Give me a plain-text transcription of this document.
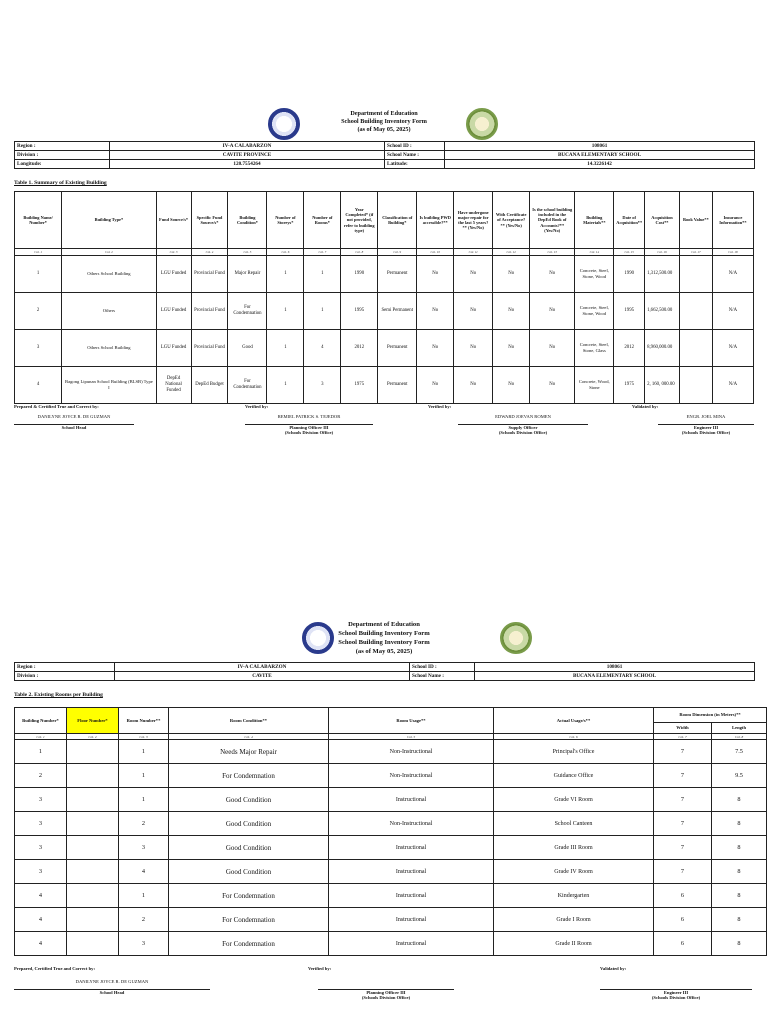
Department of Education
School Building Inventory Form
(as of May 05, 2025)
Region :	IV-A CALABARZON	School ID :	108061
Division :	CAVITE PROVINCE	School Name :	BUCANA ELEMENTARY SCHOOL
Longitude:	120.7554264	Latitude:	14.3226142
Table 1. Summary of Existing Building
Building Name/ Number*	Building Type*	Fund Source/s*	Specific Fund Source/s*	Building Condition*	Number of Storeys*	Number of Rooms*	Year Completed* (if not provided, refer to building type)	Classification of Building*	Is building PWD accessible?**	Have undergone major repair for the last 5 years?** (Yes/No)	With Certificate of Acceptance?** (Yes/No)	Is the school building included in the DepEd Book of Accounts?** (Yes/No)	Building Materials**	Date of Acquisition**	Acquisition Cost**	Book Value**	Insurance Information**
Col. 1	Col. 2	Col. 3	Col. 4	Col. 5	Col. 6	Col. 7	Col. 8	Col. 9	Col. 10	Col. 11	Col. 12	Col. 13	Col. 14	Col. 15	Col. 16	Col. 17	Col. 18
1	Others School Building	LGU Funded	Provincial Fund	Major Repair	1	1	1990	Permanent	No	No	No	No	Concrete, Steel, Stone, Wood	1990	1,312,500.00		N/A
2	Others	LGU Funded	Provincial Fund	For Condemnation	1	1	1995	Semi Permanent	No	No	No	No	Concrete, Steel, Stone, Wood	1995	1,662,500.00		N/A
3	Others School Building	LGU Funded	Provincial Fund	Good	1	4	2012	Permanent	No	No	No	No	Concrete, Steel, Stone, Glass	2012	8,960,000.00		N/A
4	Bagong Lipunan School Building (BLSB) Type I	DepEd National Funded	DepEd Budget	For Condemnation	1	3	1975	Permanent	No	No	No	No	Concrete, Wood, Stone	1975	2, 160, 000.00		N/A
Prepared & Certified True and Correct by:
DANILYNE JOYCE R. DE GUZMAN
School Head
Verified by:
REMIEL PATRICK S. TEJEDOR
Planning Officer III
(Schools Division Office)
Verified by:
EDWARD JOEVAN ROMEN
Supply Officer
(Schools Division Office)
Validated by:
ENGR. JOEL MINA
Engineer III
(Schools Division Office)
Department of Education
School Building Inventory Form
School Building Inventory Form
(as of May 05, 2025)
Region :	IV-A CALABARZON	School ID :	108061
Division :	CAVITE	School Name :	BUCANA ELEMENTARY SCHOOL
Table 2. Existing Rooms per Building
Building Number*	Floor Number*	Room Number**	Room Condition**	Room Usage**	Actual Usage/s**	Room Dimension (in Meters)**	
						Width	Length
Col. 1	Col. 2	Col. 3	Col. 4	Col. 5	Col. 6	Col. 7	Col. 8
1		1	Needs Major Repair	Non-Instructional	Principal's Office	7	7.5
2		1	For Condemnation	Non-Instructional	Guidance Office	7	9.5
3		1	Good Condition	Instructional	Grade VI Room	7	8
3		2	Good Condition	Non-Instructional	School Canteen	7	8
3		3	Good Condition	Instructional	Grade III Room	7	8
3		4	Good Condition	Instructional	Grade IV Room	7	8
4		1	For Condemnation	Instructional	Kindergarten	6	8
4		2	For Condemnation	Instructional	Grade I Room	6	8
4		3	For Condemnation	Instructional	Grade II Room	6	8
Prepared, Certified True and Correct by:
DANILYNE JOYCE R. DE GUZMAN
School Head
Verified by:
Planning Officer III
(Schools Division Office)
Validated by:
Engineer III
(Schools Division Office)
